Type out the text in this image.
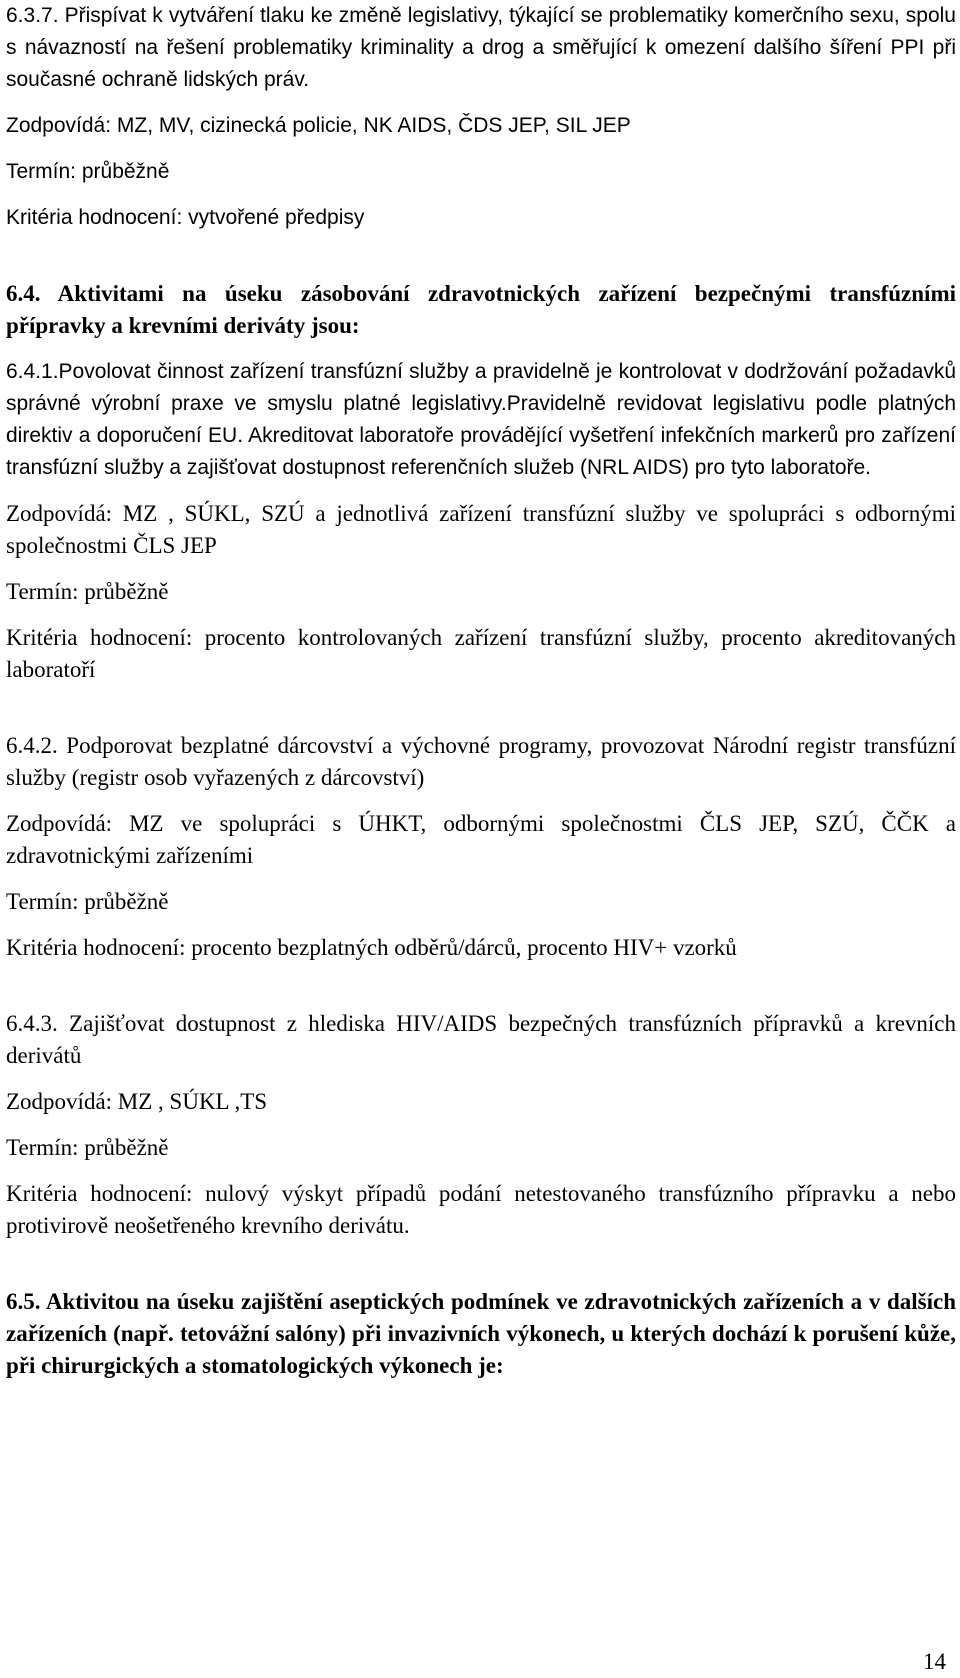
6.3.7. Přispívat k vytváření tlaku ke změně legislativy, týkající se problematiky komerčního sexu, spolu s návazností na řešení problematiky kriminality a drog a směřující k omezení dalšího šíření PPI při současné ochraně lidských práv.

Zodpovídá: MZ, MV, cizinecká policie, NK AIDS, ČDS JEP, SIL JEP

Termín: průběžně

Kritéria hodnocení: vytvořené předpisy

6.4. Aktivitami na úseku zásobování zdravotnických zařízení bezpečnými transfúzními přípravky a krevními deriváty jsou:

6.4.1.Povolovat činnost zařízení transfúzní služby a pravidelně je kontrolovat v dodržování požadavků správné výrobní praxe ve smyslu platné legislativy.Pravidelně revidovat legislativu podle platných direktiv a doporučení EU. Akreditovat laboratoře provádějící vyšetření infekčních markerů pro zařízení transfúzní služby a zajišťovat dostupnost referenčních služeb (NRL AIDS) pro tyto laboratoře.

Zodpovídá: MZ , SÚKL, SZÚ a jednotlivá zařízení transfúzní služby ve spolupráci s odbornými společnostmi ČLS JEP

Termín: průběžně

Kritéria hodnocení: procento kontrolovaných zařízení transfúzní služby, procento akreditovaných laboratoří

6.4.2. Podporovat bezplatné dárcovství a výchovné programy, provozovat Národní registr transfúzní služby (registr osob vyřazených z dárcovství)

Zodpovídá: MZ ve spolupráci s ÚHKT, odbornými společnostmi ČLS JEP, SZÚ, ČČK a zdravotnickými zařízeními

Termín: průběžně

Kritéria hodnocení: procento bezplatných odběrů/dárců, procento HIV+ vzorků

6.4.3. Zajišťovat dostupnost z hlediska HIV/AIDS bezpečných transfúzních přípravků a krevních derivátů

Zodpovídá: MZ , SÚKL ,TS

Termín: průběžně

Kritéria hodnocení: nulový výskyt případů podání netestovaného transfúzního přípravku a nebo protivirově neošetřeného krevního derivátu.

6.5. Aktivitou na úseku zajištění aseptických podmínek ve zdravotnických zařízeních a v dalších zařízeních (např. tetovážní salóny) při invazivních výkonech, u kterých dochází k porušení kůže, při chirurgických a stomatologických výkonech je:

14
